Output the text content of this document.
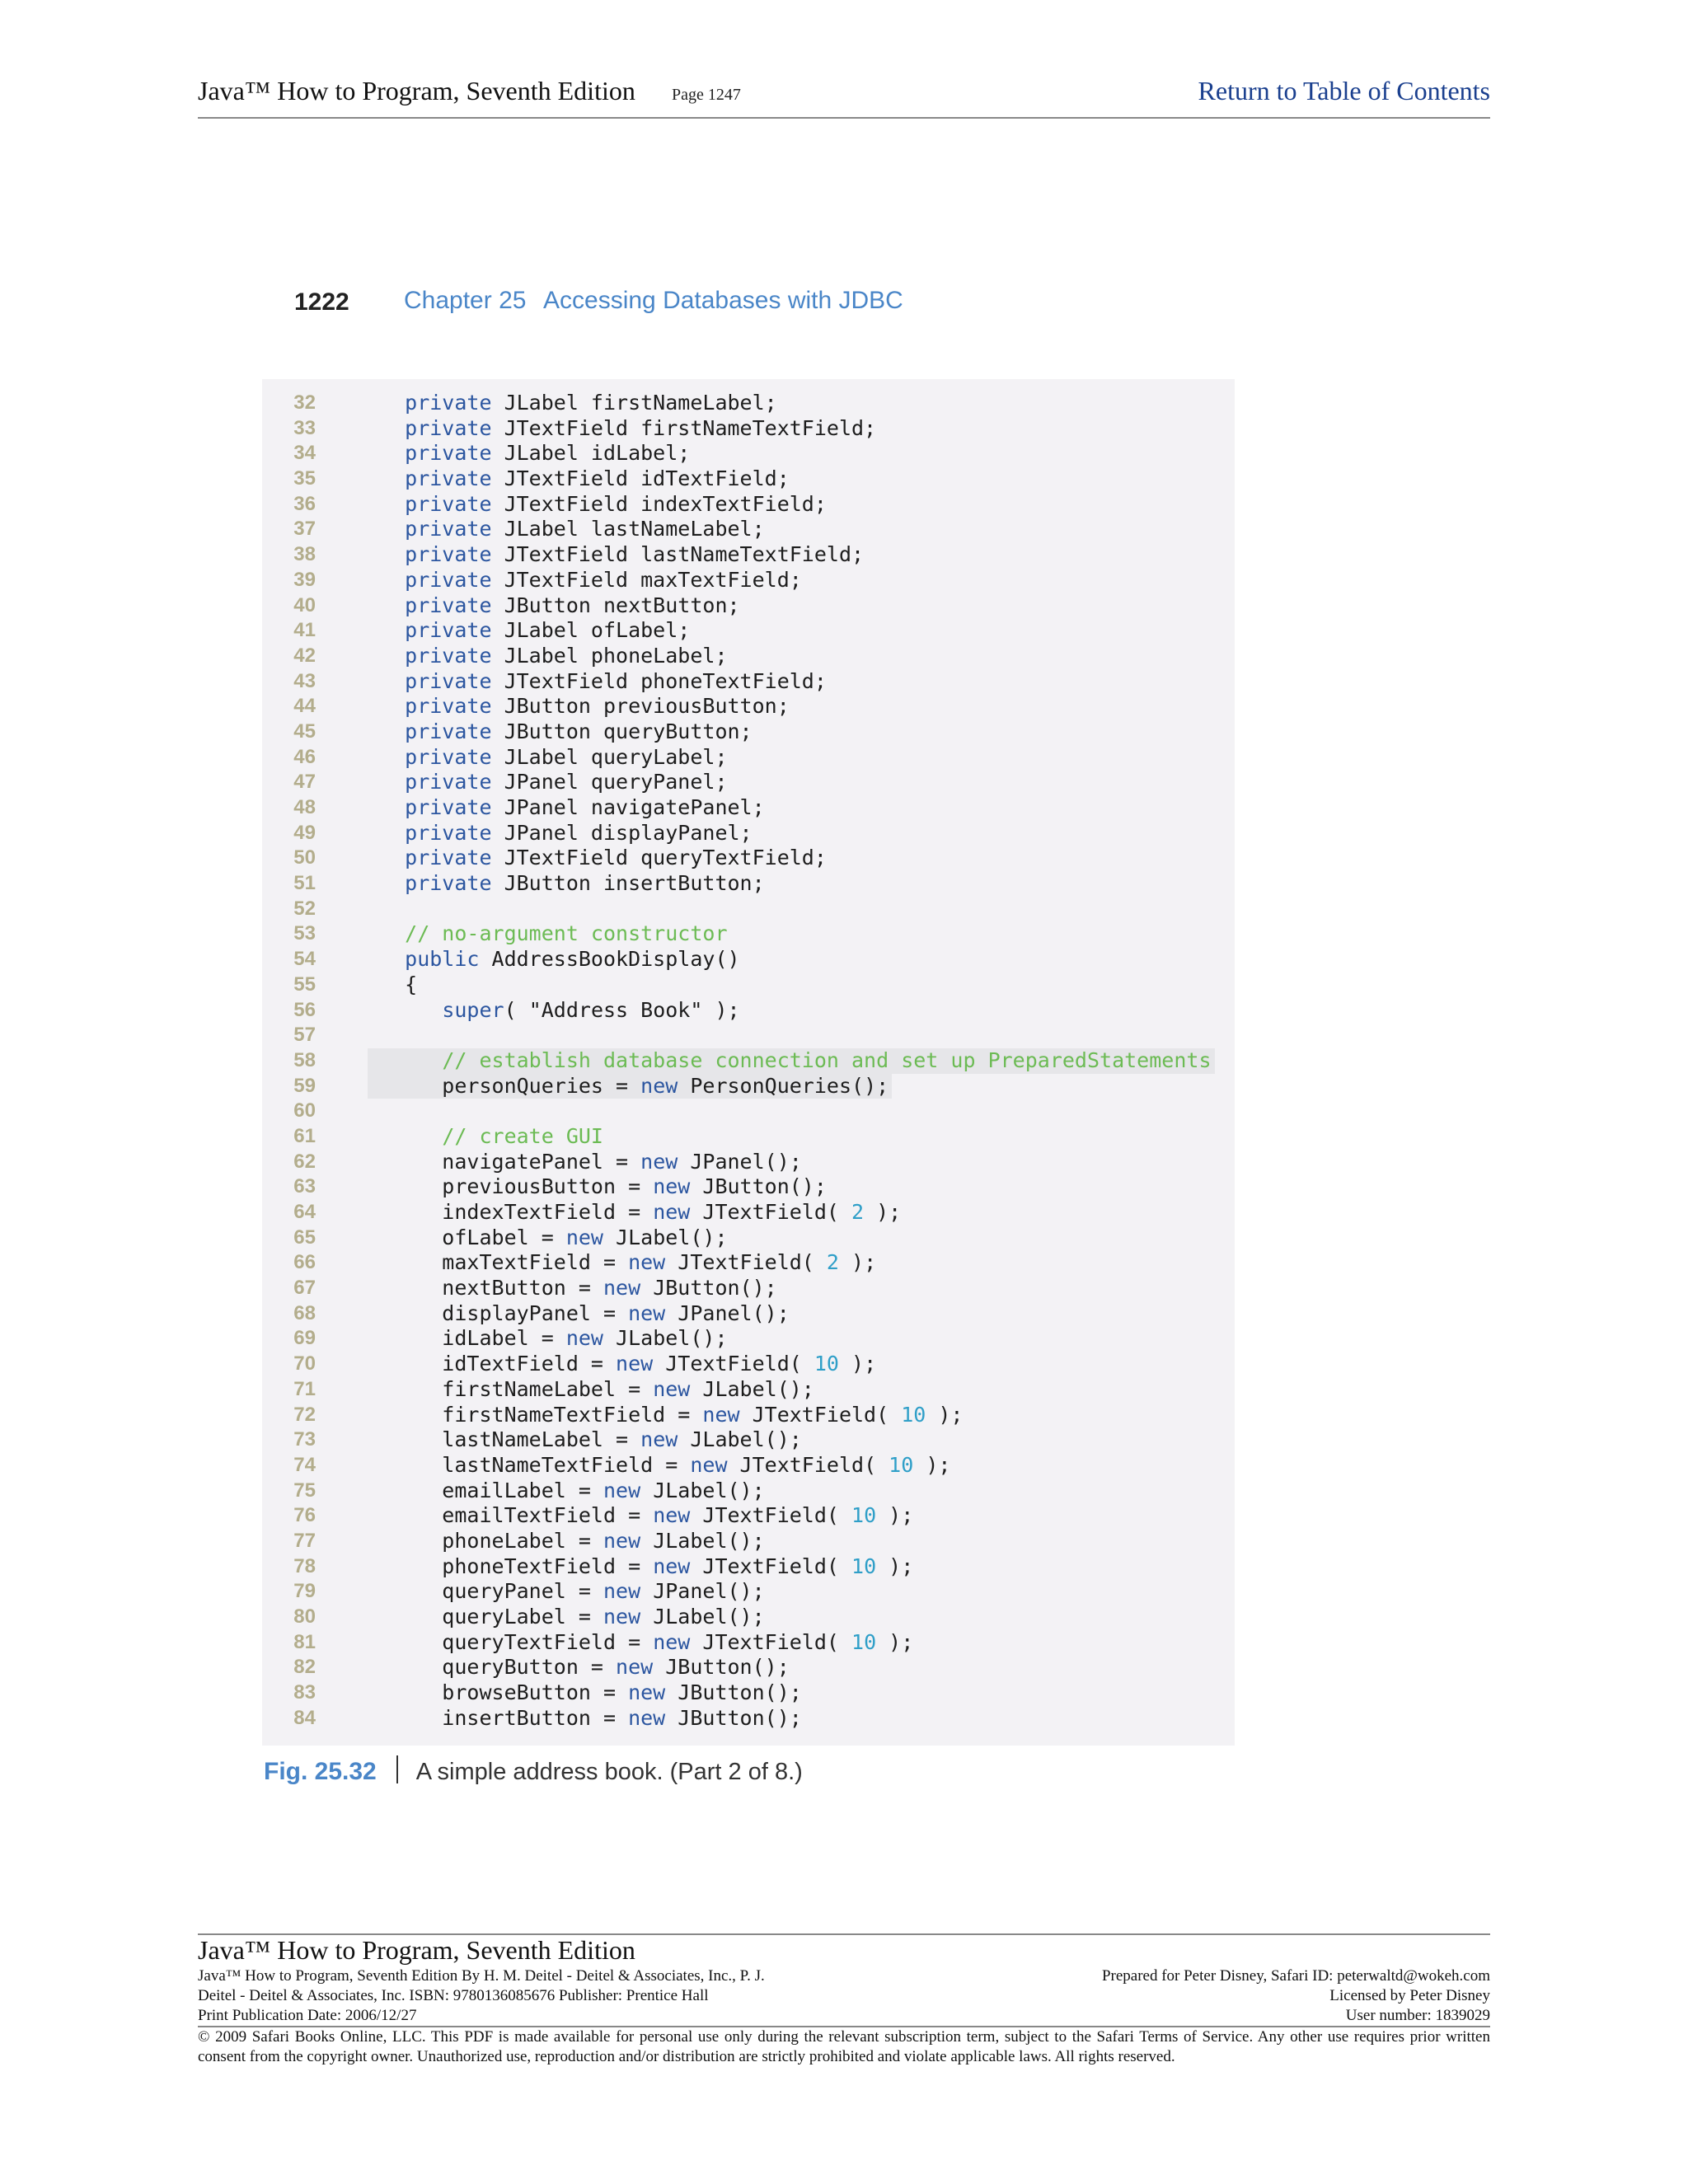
Java™ How to Program, Seventh Edition Page 1247	Return to Table of Contents
1222 Chapter 25 Accessing Databases with JDBC
32	private JLabel firstNameLabel;
33	private JTextField firstNameTextField;
34	private JLabel idLabel;
35	private JTextField idTextField;
36	private JTextField indexTextField;
37	private JLabel lastNameLabel;
38	private JTextField lastNameTextField;
39	private JTextField maxTextField;
40	private JButton nextButton;
41	private JLabel ofLabel;
42	private JLabel phoneLabel;
43	private JTextField phoneTextField;
44	private JButton previousButton;
45	private JButton queryButton;
46	private JLabel queryLabel;
47	private JPanel queryPanel;
48	private JPanel navigatePanel;
49	private JPanel displayPanel;
50	private JTextField queryTextField;
51	private JButton insertButton;
52
53	// no-argument constructor
54	public AddressBookDisplay()
55	{
56	super( "Address Book" );
57
58	// establish database connection and set up PreparedStatements
59	personQueries = new PersonQueries();
60
61	// create GUI
62	navigatePanel = new JPanel();
63	previousButton = new JButton();
64	indexTextField = new JTextField( 2 );
65	ofLabel = new JLabel();
66	maxTextField = new JTextField( 2 );
67	nextButton = new JButton();
68	displayPanel = new JPanel();
69	idLabel = new JLabel();
70	idTextField = new JTextField( 10 );
71	firstNameLabel = new JLabel();
72	firstNameTextField = new JTextField( 10 );
73	lastNameLabel = new JLabel();
74	lastNameTextField = new JTextField( 10 );
75	emailLabel = new JLabel();
76	emailTextField = new JTextField( 10 );
77	phoneLabel = new JLabel();
78	phoneTextField = new JTextField( 10 );
79	queryPanel = new JPanel();
80	queryLabel = new JLabel();
81	queryTextField = new JTextField( 10 );
82	queryButton = new JButton();
83	browseButton = new JButton();
84	insertButton = new JButton();
Fig. 25.32 A simple address book. (Part 2 of 8.)
Java™ How to Program, Seventh Edition
Java™ How to Program, Seventh Edition By H. M. Deitel - Deitel & Associates, Inc., P. J.
Deitel - Deitel & Associates, Inc. ISBN: 9780136085676 Publisher: Prentice Hall
Print Publication Date: 2006/12/27
Prepared for Peter Disney, Safari ID: peterwaltd@wokeh.com
Licensed by Peter Disney
User number: 1839029
© 2009 Safari Books Online, LLC. This PDF is made available for personal use only during the relevant subscription term, subject to the Safari Terms of Service. Any other use requires prior written consent from the copyright owner. Unauthorized use, reproduction and/or distribution are strictly prohibited and violate applicable laws. All rights reserved.
